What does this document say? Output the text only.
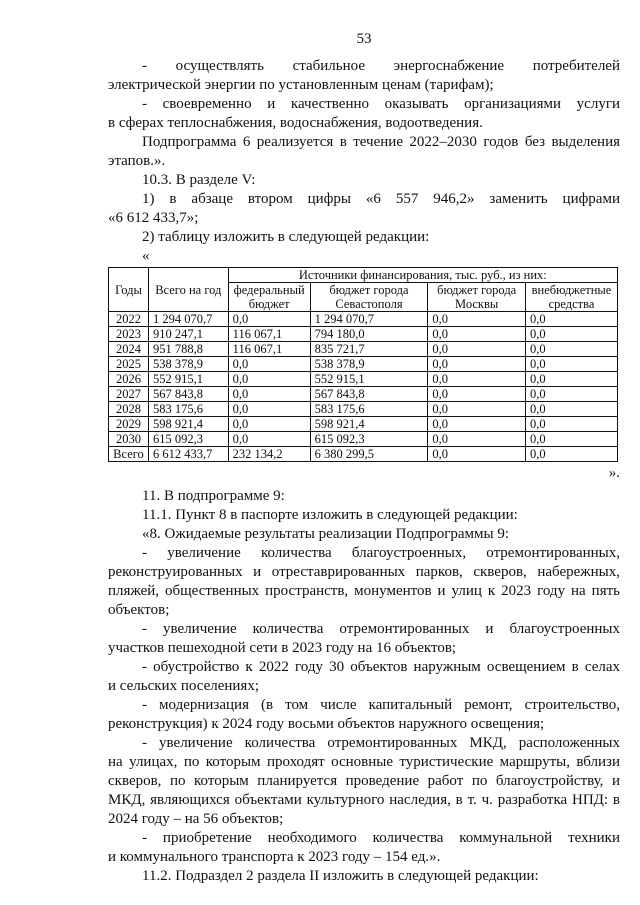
53

- осуществлять стабильное энергоснабжение потребителей

электрической энергии по установленным ценам (тарифам);

- своевременно и качественно оказывать организациями услуги

в сферах теплоснабжения, водоснабжения, водоотведения.

Подпрограмма 6 реализуется в течение 2022–2030 годов без выделения

этапов.».

10.3. В разделе V:

1) в абзаце втором цифры «6 557 946,2» заменить цифрами

«6 612 433,7»;

2) таблицу изложить в следующей редакции:

«

Годы	Всего на год	Источники финансирования, тыс. руб., из них:			
		федеральный бюджет	бюджет города Севастополя	бюджет города Москвы	внебюджетные средства
2022	1 294 070,7	0,0	1 294 070,7	0,0	0,0
2023	910 247,1	116 067,1	794 180,0	0,0	0,0
2024	951 788,8	116 067,1	835 721,7	0,0	0,0
2025	538 378,9	0,0	538 378,9	0,0	0,0
2026	552 915,1	0,0	552 915,1	0,0	0,0
2027	567 843,8	0,0	567 843,8	0,0	0,0
2028	583 175,6	0,0	583 175,6	0,0	0,0
2029	598 921,4	0,0	598 921,4	0,0	0,0
2030	615 092,3	0,0	615 092,3	0,0	0,0
Всего	6 612 433,7	232 134,2	6 380 299,5	0,0	0,0

».

11. В подпрограмме 9:

11.1. Пункт 8 в паспорте изложить в следующей редакции:

«8. Ожидаемые результаты реализации Подпрограммы 9:

- увеличение количества благоустроенных, отремонтированных,

реконструированных и отреставрированных парков, скверов, набережных, пляжей, общественных пространств, монументов и улиц к 2023 году на пять объектов;

- увеличение количества отремонтированных и благоустроенных

участков пешеходной сети в 2023 году на 16 объектов;

- обустройство к 2022 году 30 объектов наружным освещением в селах

и сельских поселениях;

- модернизация (в том числе капитальный ремонт, строительство,

реконструкция) к 2024 году восьми объектов наружного освещения;

- увеличение количества отремонтированных МКД, расположенных

на улицах, по которым проходят основные туристические маршруты, вблизи скверов, по которым планируется проведение работ по благоустройству, и МКД, являющихся объектами культурного наследия, в т. ч. разработка НПД: в 2024 году – на 56 объектов;

- приобретение необходимого количества коммунальной техники

и коммунального транспорта к 2023 году – 154 ед.».

11.2. Подраздел 2 раздела II изложить в следующей редакции:
